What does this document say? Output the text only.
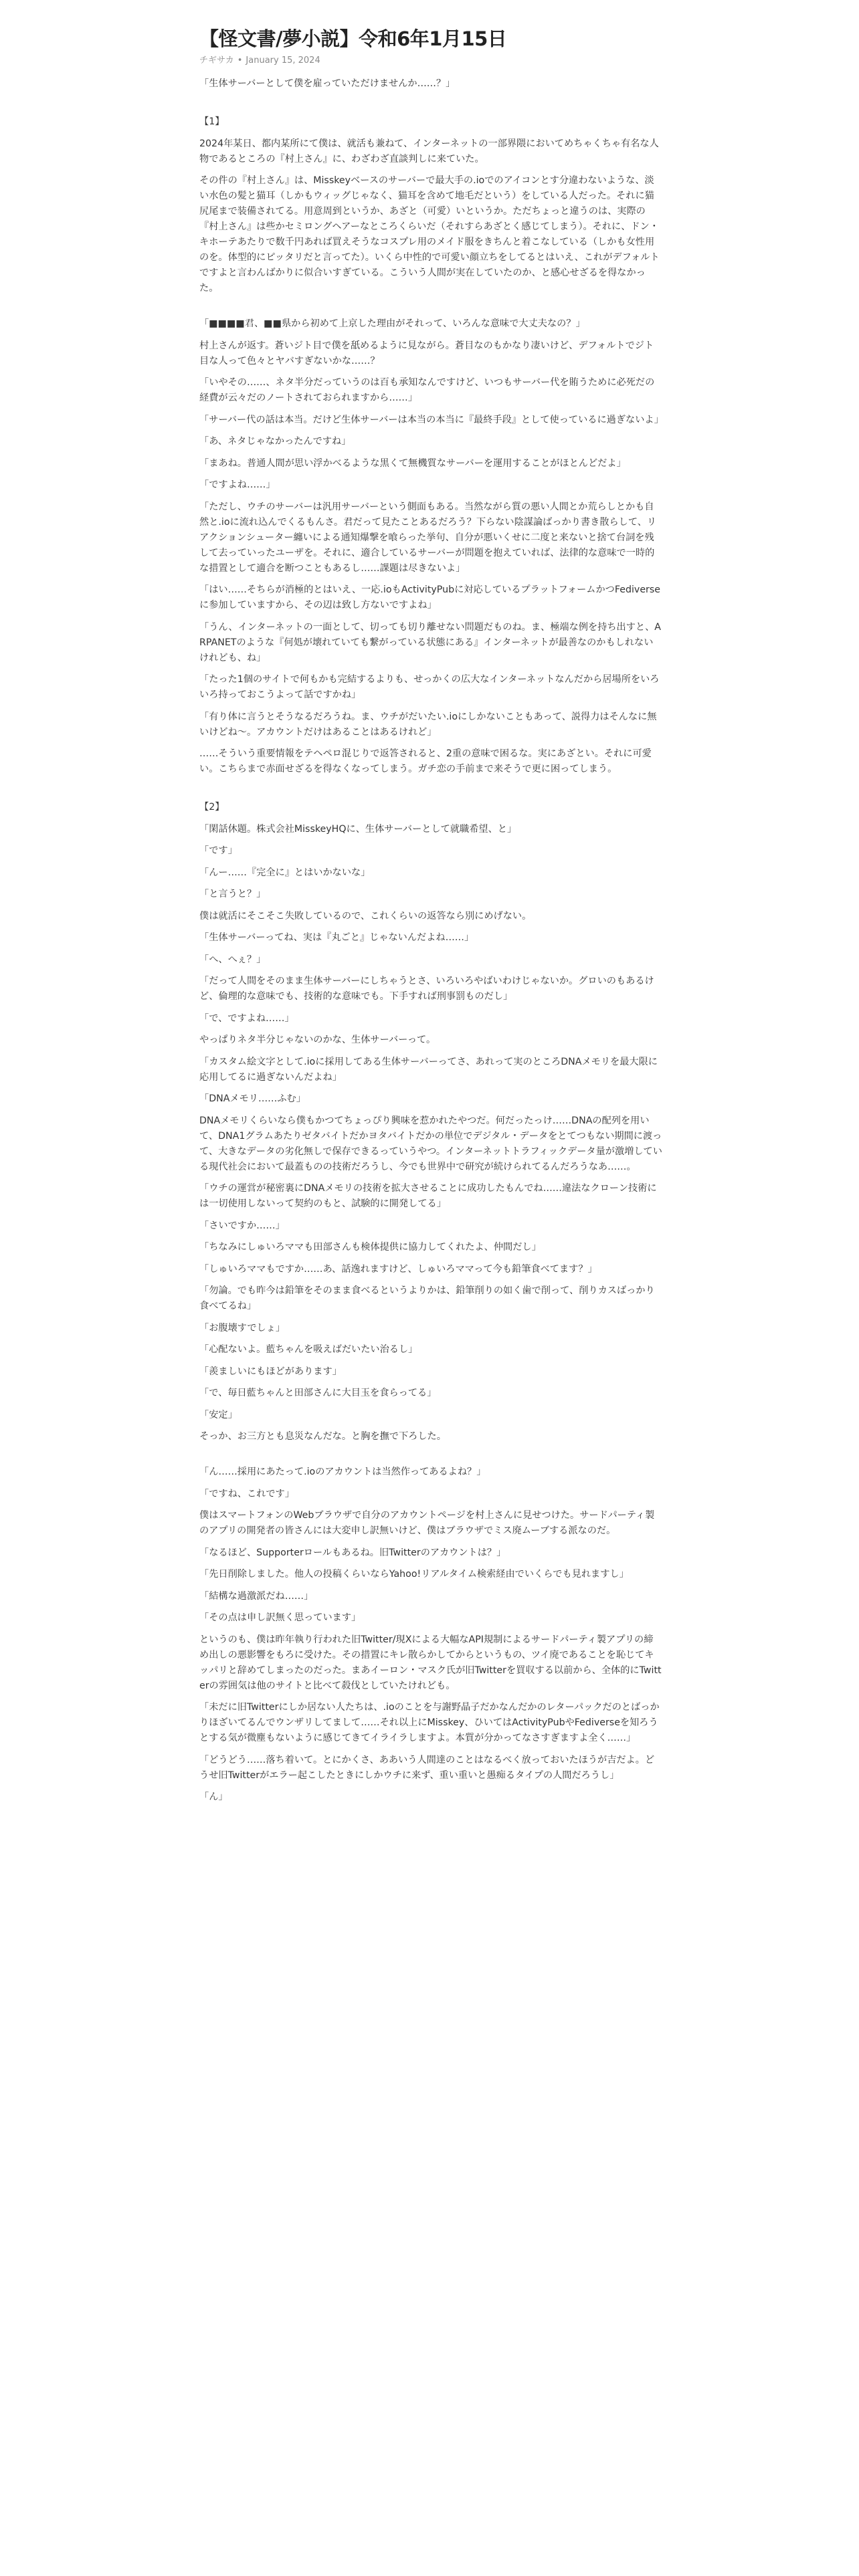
【怪文書/夢小説】令和6年1月15日
チギサカ • January 15, 2024

「生体サーバーとして僕を雇っていただけませんか……？」

【1】

2024年某日、都内某所にて僕は、就活も兼ねて、インターネットの一部界隈においてめちゃくちゃ有名な人物であるところの『村上さん』に、わざわざ直談判しに来ていた。

その件の『村上さん』は、Misskeyベースのサーバーで最大手の.ioでのアイコンとす分違わないような、淡い水色の髪と猫耳（しかもウィッグじゃなく、猫耳を含めて地毛だという）をしている人だった。それに猫尻尾まで装備されてる。用意周到というか、あざと（可愛）いというか。ただちょっと違うのは、実際の『村上さん』は些かセミロングヘアーなところくらいだ（それすらあざとく感じてしまう）。それに、ドン・キホーテあたりで数千円あれば買えそうなコスプレ用のメイド服をきちんと着こなしている（しかも女性用のを。体型的にピッタリだと言ってた）。いくら中性的で可愛い顔立ちをしてるとはいえ、これがデフォルトですよと言わんばかりに似合いすぎている。こういう人間が実在していたのか、と感心せざるを得なかった。

「■■■■君、■■県から初めて上京した理由がそれって、いろんな意味で大丈夫なの？」

村上さんが返す。蒼いジト目で僕を舐めるように見ながら。蒼目なのもかなり凄いけど、デフォルトでジト目な人って色々とヤバすぎないかな……？

「いやその……、ネタ半分だっていうのは百も承知なんですけど、いつもサーバー代を賄うために必死だの経費が云々だのノートされておられますから……」

「サーバー代の話は本当。だけど生体サーバーは本当の本当に『最終手段』として使っているに過ぎないよ」

「あ、ネタじゃなかったんですね」

「まあね。普通人間が思い浮かべるような黒くて無機質なサーバーを運用することがほとんどだよ」

「ですよね……」

「ただし、ウチのサーバーは汎用サーバーという側面もある。当然ながら質の悪い人間とか荒らしとかも自然と.ioに流れ込んでくるもんさ。君だって見たことあるだろう？下らない陰謀論ばっかり書き散らして、リアクションシューター纏いによる通知爆撃を喰らった挙句、自分が悪いくせに二度と来ないと捨て台詞を残して去っていったユーザを。それに、適合しているサーバーが問題を抱えていれば、法律的な意味で一時的な措置として適合を断つこともあるし……課題は尽きないよ」

「はい……そちらが消極的とはいえ、一応.ioもActivityPubに対応しているプラットフォームかつFediverseに参加していますから、その辺は致し方ないですよね」

「うん、インターネットの一面として、切っても切り離せない問題だものね。ま、極端な例を持ち出すと、ARPANETのような『何処が壊れていても繋がっている状態にある』インターネットが最善なのかもしれないけれども、ね」

「たった1個のサイトで何もかも完結するよりも、せっかくの広大なインターネットなんだから居場所をいろいろ持っておこうよって話ですかね」

「有り体に言うとそうなるだろうね。ま、ウチがだいたい.ioにしかないこともあって、説得力はそんなに無いけどね～。アカウントだけはあることはあるけれど」

……そういう重要情報をテヘペロ混じりで返答されると、2重の意味で困るな。実にあざとい。それに可愛い。こちらまで赤面せざるを得なくなってしまう。ガチ恋の手前まで来そうで更に困ってしまう。

【2】

「閑話休題。株式会社MisskeyHQに、生体サーバーとして就職希望、と」

「です」

「んー……『完全に』とはいかないな」

「と言うと？」

僕は就活にそこそこ失敗しているので、これくらいの返答なら別にめげない。

「生体サーバーってね、実は『丸ごと』じゃないんだよね……」

「へ、へぇ？」

「だって人間をそのまま生体サーバーにしちゃうとさ、いろいろやばいわけじゃないか。グロいのもあるけど、倫理的な意味でも、技術的な意味でも。下手すれば刑事罰ものだし」

「で、ですよね……」

やっぱりネタ半分じゃないのかな、生体サーバーって。

「カスタム絵文字として.ioに採用してある生体サーバーってさ、あれって実のところDNAメモリを最大限に応用してるに過ぎないんだよね」

「DNAメモリ……ふむ」

DNAメモリくらいなら僕もかつてちょっぴり興味を惹かれたやつだ。何だったっけ……DNAの配列を用いて、DNA1グラムあたりゼタバイトだかヨタバイトだかの単位でデジタル・データをとてつもない期間に渡って、大きなデータの劣化無しで保存できるっていうやつ。インターネットトラフィックデータ量が激増している現代社会において最蓋ものの技術だろうし、今でも世界中で研究が続けられてるんだろうなあ……。

「ウチの運営が秘密裏にDNAメモリの技術を拡大させることに成功したもんでね……違法なクローン技術には一切使用しないって契約のもと、試験的に開発してる」

「さいですか……」

「ちなみにしゅいろママも田部さんも検体提供に協力してくれたよ、仲間だし」

「しゅいろママもですか……あ、話逸れますけど、しゅいろママって今も鉛筆食べてます？」

「勿論。でも昨今は鉛筆をそのまま食べるというよりかは、鉛筆削りの如く歯で削って、削りカスばっかり食べてるね」

「お腹壊すでしょ」

「心配ないよ。藍ちゃんを吸えばだいたい治るし」

「羨ましいにもほどがあります」

「で、毎日藍ちゃんと田部さんに大目玉を食らってる」

「安定」

そっか、お三方とも息災なんだな。と胸を撫で下ろした。

「ん……採用にあたって.ioのアカウントは当然作ってあるよね？」

「ですね、これです」

僕はスマートフォンのWebブラウザで自分のアカウントページを村上さんに見せつけた。サードパーティ製のアプリの開発者の皆さんには大変申し訳無いけど、僕はブラウザでミス廃ムーブする派なのだ。

「なるほど、Supporterロールもあるね。旧Twitterのアカウントは？」

「先日削除しました。他人の投稿くらいならYahoo!リアルタイム検索経由でいくらでも見れますし」

「結構な過激派だね……」

「その点は申し訳無く思っています」

というのも、僕は昨年執り行われた旧Twitter/現Xによる大幅なAPI規制によるサードパーティ製アプリの締め出しの悪影響をもろに受けた。その措置にキレ散らかしてからというもの、ツイ廃であることを恥じてキッパリと辞めてしまったのだった。まあイーロン・マスク氏が旧Twitterを買収する以前から、全体的にTwitterの雰囲気は他のサイトと比べて殺伐としていたけれども。

「未だに旧Twitterにしか居ない人たちは、.ioのことを与謝野晶子だかなんだかのレターパックだのとばっかりほざいてるんでウンザリしてまして……それ以上にMisskey、ひいてはActivityPubやFediverseを知ろうとする気が微塵もないように感じてきてイライラしますよ。本質が分かってなさすぎますよ全く……」

「どうどう……落ち着いて。とにかくさ、ああいう人間達のことはなるべく放っておいたほうが吉だよ。どうせ旧Twitterがエラー起こしたときにしかウチに来ず、重い重いと愚痴るタイプの人間だろうし」

「ん」
